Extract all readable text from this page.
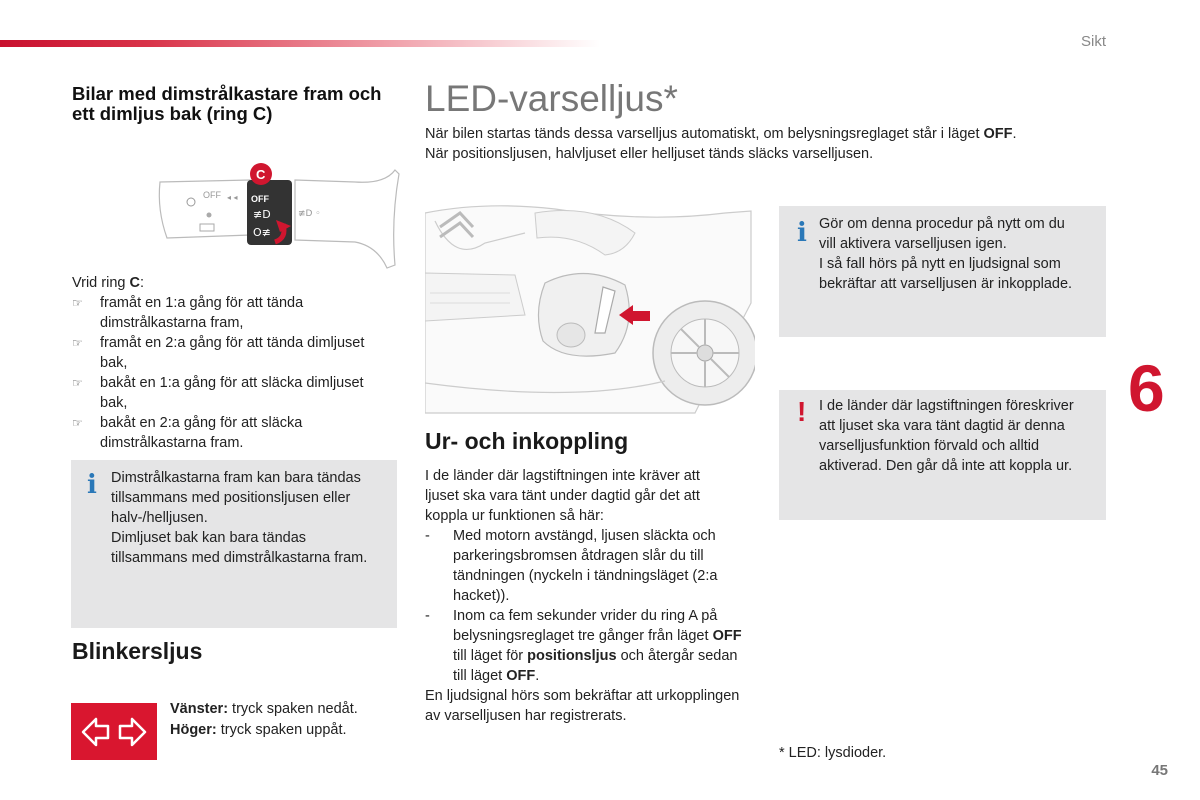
Sikt
6
45
Bilar med dimstrålkastare fram och ett dimljus bak (ring C)
OFF ◂ ◂ OFF
≢D
O≢
C
≢D ◦
Vrid ring C:
☞ framåt en 1:a gång för att tända dimstrålkastarna fram,
☞ framåt en 2:a gång för att tända dimljuset bak,
☞ bakåt en 1:a gång för att släcka dimljuset bak,
☞ bakåt en 2:a gång för att släcka dimstrålkastarna fram.
i Dimstrålkastarna fram kan bara tändas
tillsammans med positionsljusen eller
halv-/helljusen.
Dimljuset bak kan bara tändas
tillsammans med dimstrålkastarna fram.
Blinkersljus
Vänster: tryck spaken nedåt.
Höger: tryck spaken uppåt.
LED-varselljus*
När bilen startas tänds dessa varselljus automatiskt, om belysningsreglaget står i läget OFF.
När positionsljusen, halvljuset eller helljuset tänds släcks varselljusen.
Ur- och inkoppling
I de länder där lagstiftningen inte kräver att
ljuset ska vara tänt under dagtid går det att
koppla ur funktionen så här:
- Med motorn avstängd, ljusen släckta och parkeringsbromsen åtdragen slår du till tändningen (nyckeln i tändningsläget (2:a hacket)).
- Inom ca fem sekunder vrider du ring A på belysningsreglaget tre gånger från läget OFF till läget för positionsljus och återgår sedan till läget OFF.
En ljudsignal hörs som bekräftar att urkopplingen av varselljusen har registrerats.
i Gör om denna procedur på nytt om du
vill aktivera varselljusen igen.
I så fall hörs på nytt en ljudsignal som
bekräftar att varselljusen är inkopplade.
! I de länder där lagstiftningen föreskriver
att ljuset ska vara tänt dagtid är denna
varselljusfunktion förvald och alltid
aktiverad. Den går då inte att koppla ur.
* LED: lysdioder.
